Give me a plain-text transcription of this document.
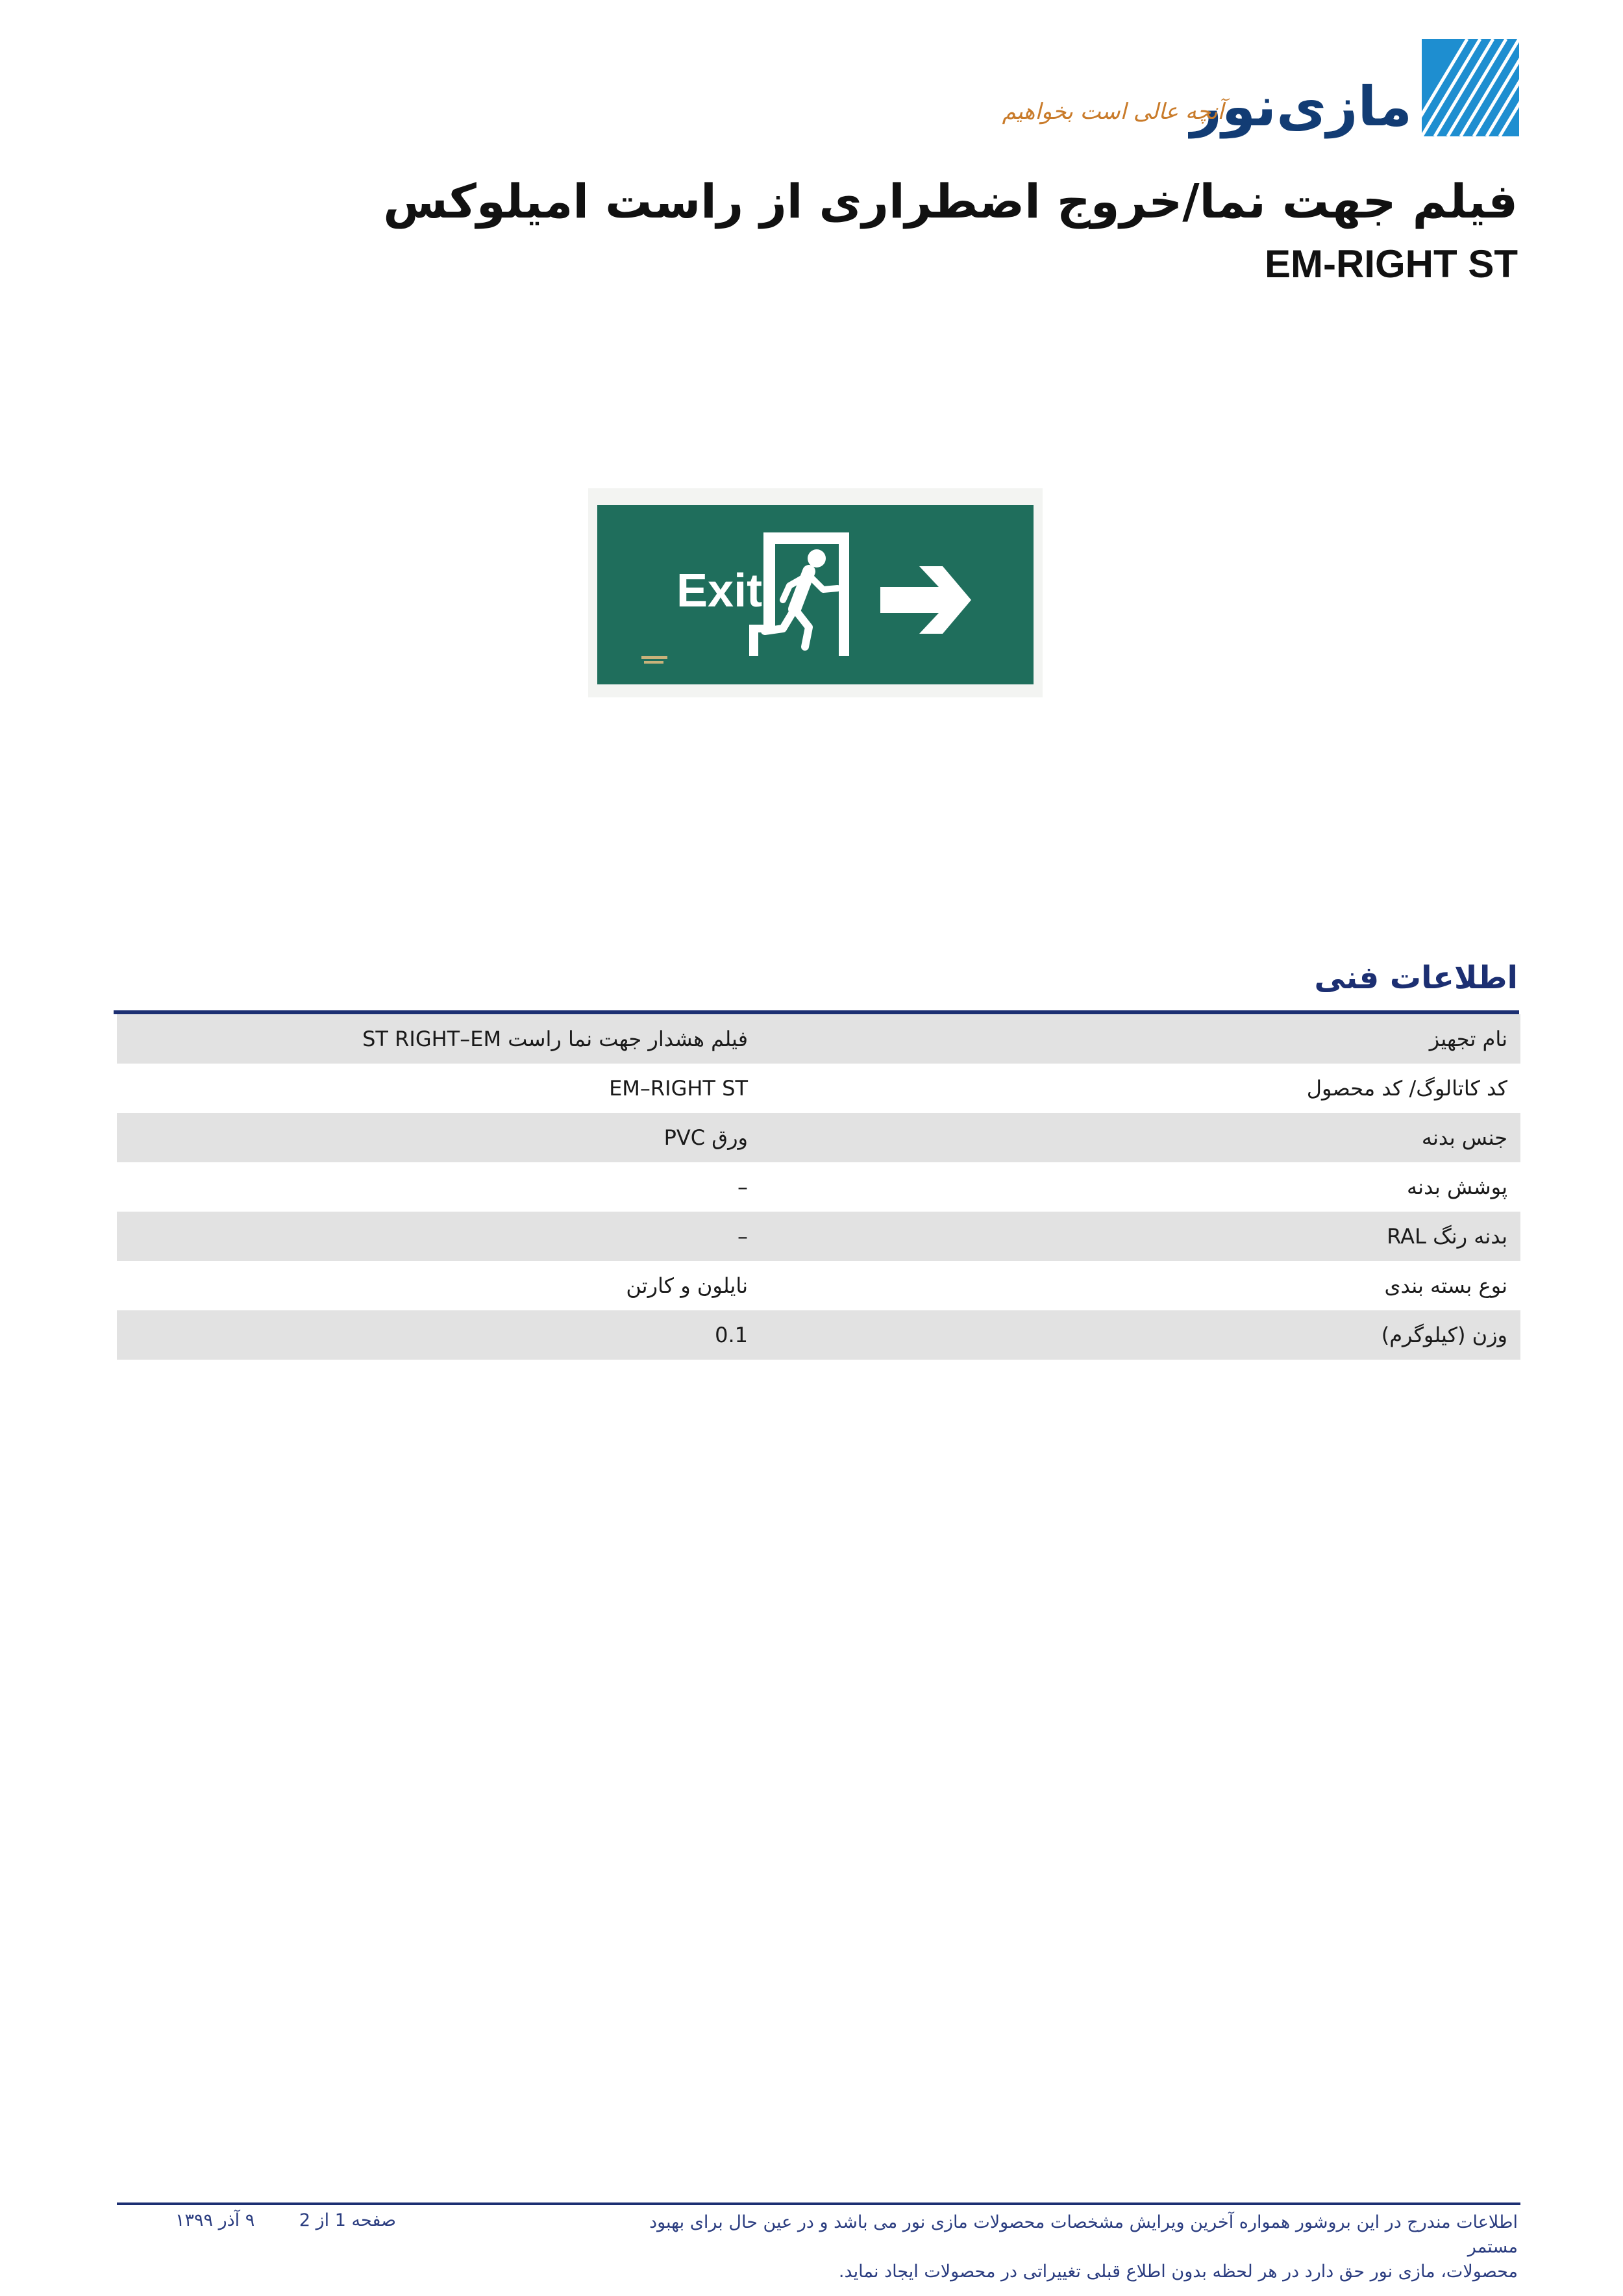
مازی‌نور
آنچه عالی است بخواهیم
فیلم جهت نما/خروج اضطراری از راست امیلوکس
EM-RIGHT ST
Exit
اطلاعات فنی
نام تجهیز	فیلم هشدار جهت نما راست ST RIGHT–EM
کد کاتالوگ/ کد محصول	EM–RIGHT ST
جنس بدنه	ورق PVC
پوشش بدنه	–
بدنه رنگ RAL	–
نوع بسته بندی	نایلون و کارتن
وزن (کیلوگرم)	0.1
اطلاعات مندرج در این بروشور همواره آخرین ویرایش مشخصات محصولات مازی نور می باشد و در عین حال برای بهبود مستمر
محصولات، مازی نور حق دارد در هر لحظه بدون اطلاع قبلی تغییراتی در محصولات ایجاد نماید.
صفحه 1 از 2 ۹ آذر ۱۳۹۹
